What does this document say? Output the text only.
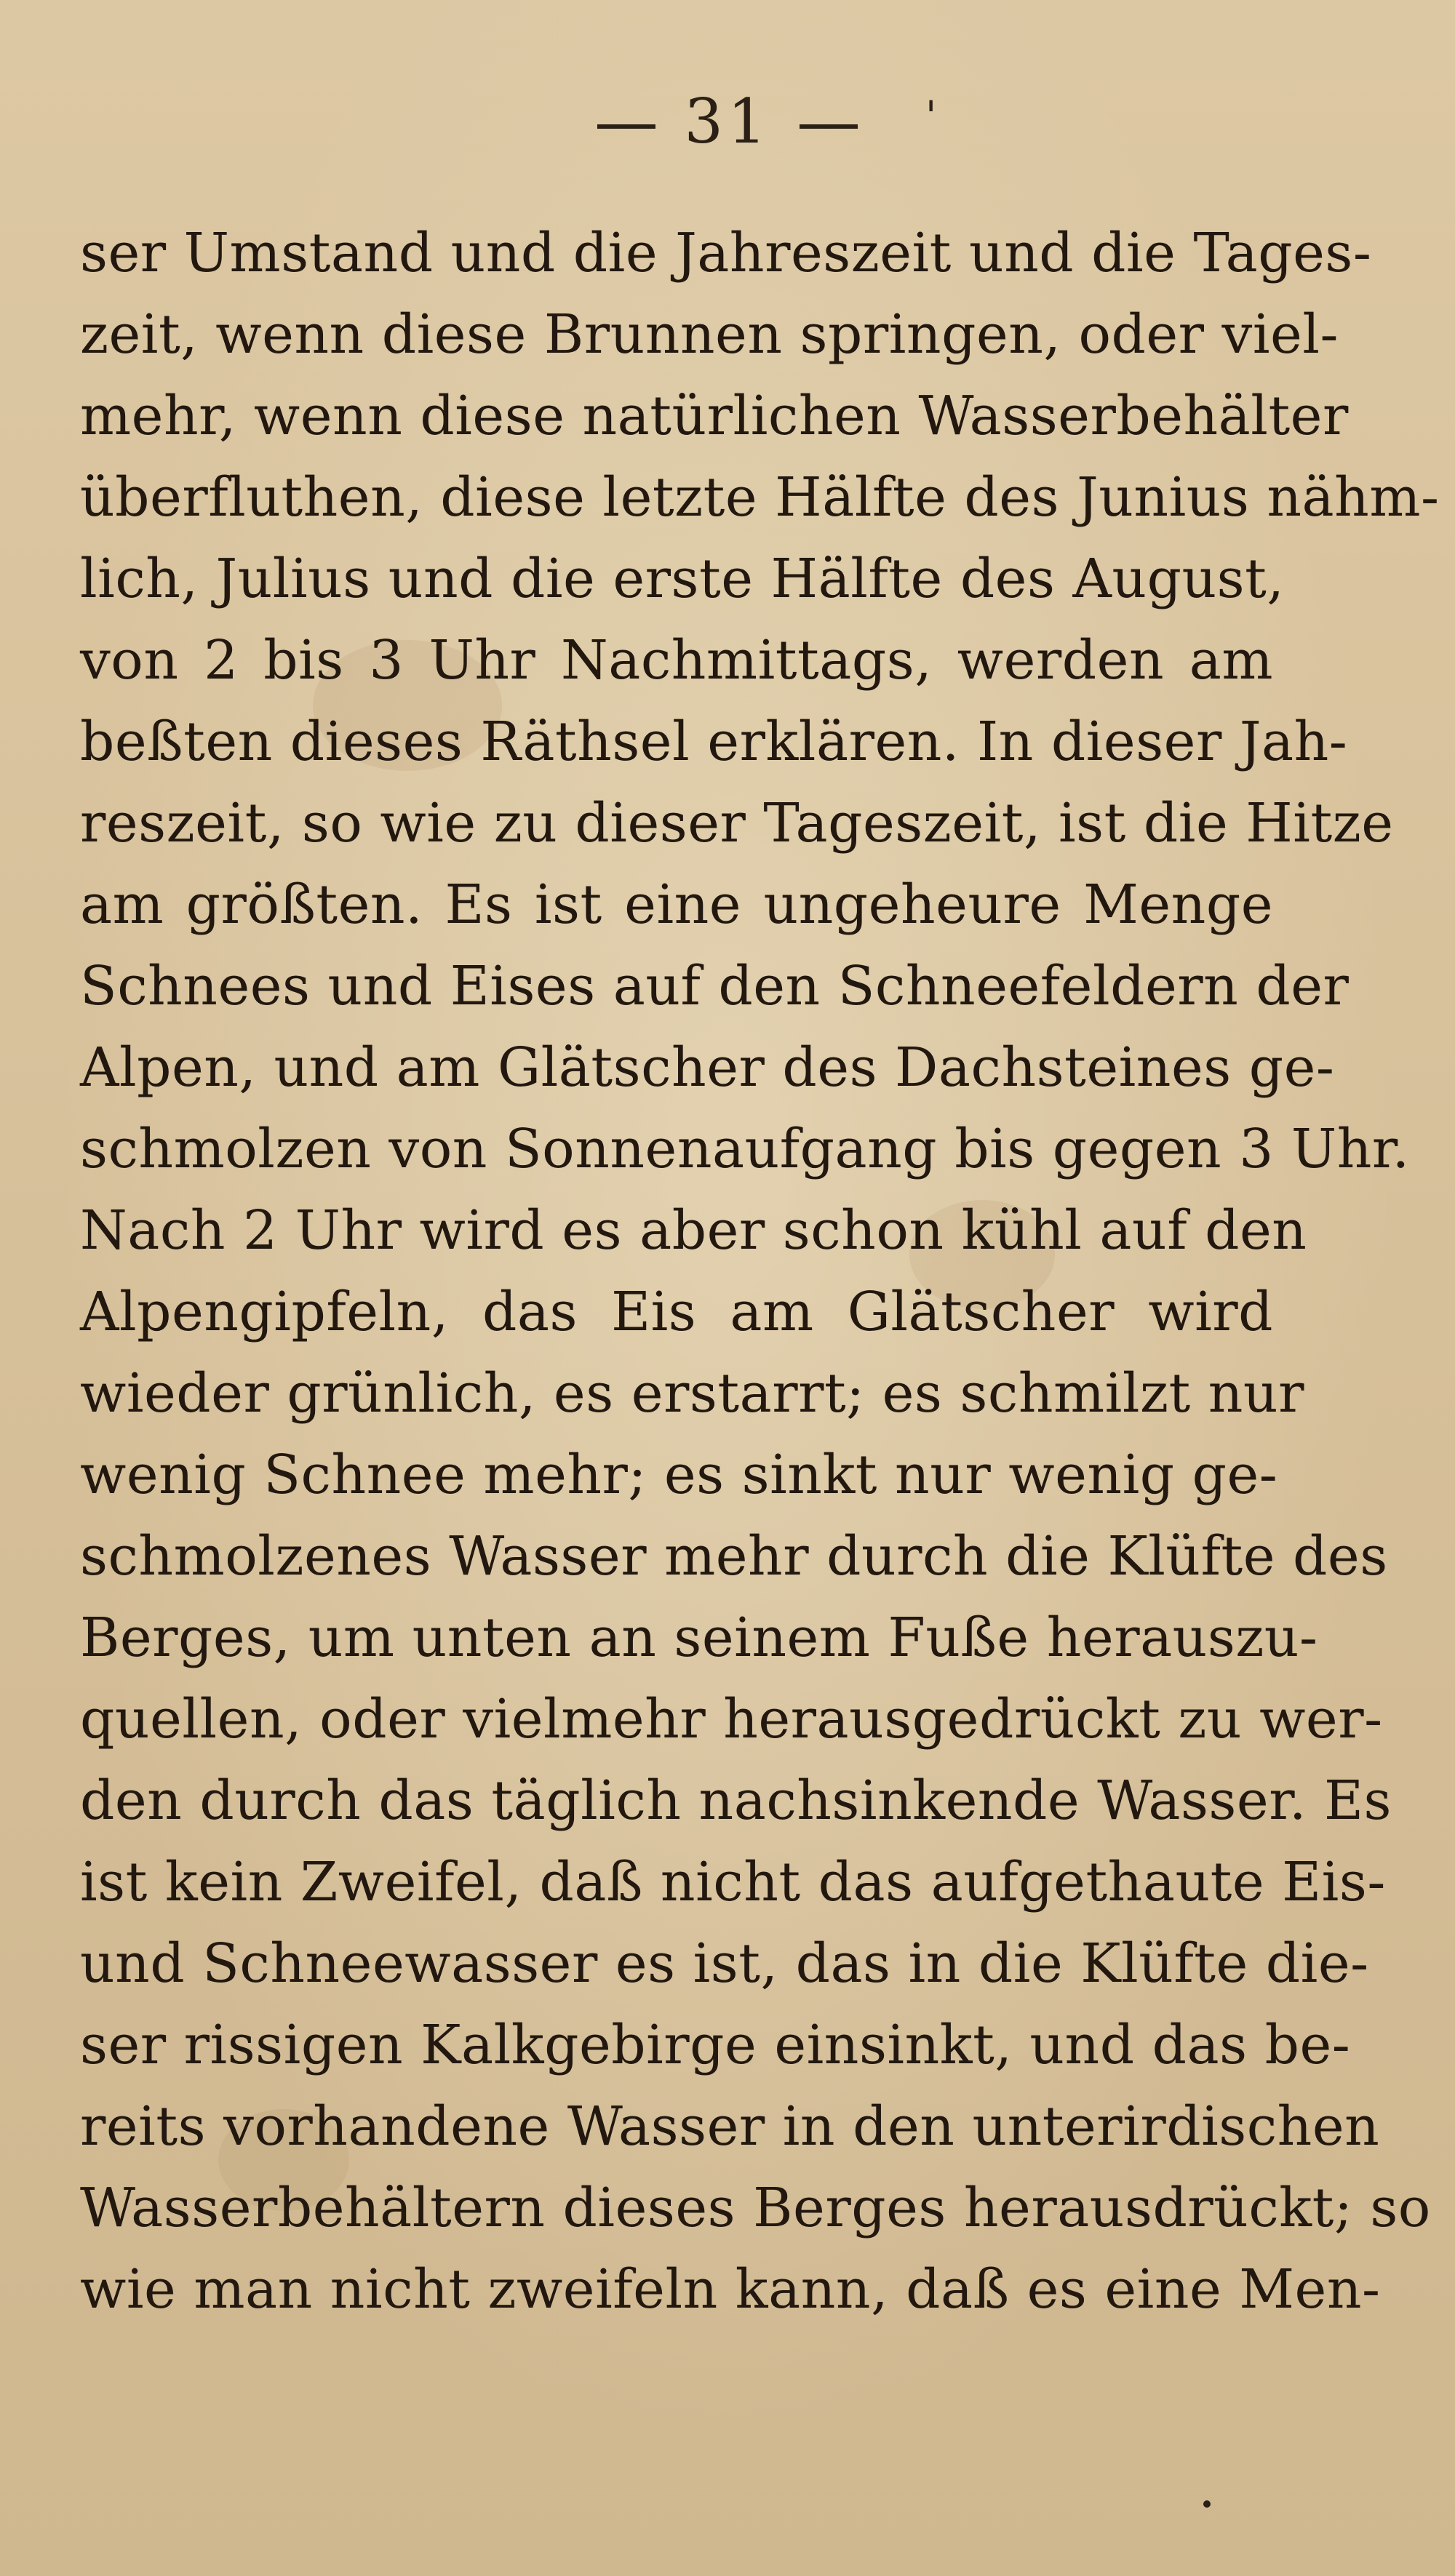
31	'
ser Umstand und die Jahreszeit und die Tages-
zeit, wenn diese Brunnen springen, oder viel-
mehr, wenn diese natürlichen Wasserbehälter
überfluthen, diese letzte Hälfte des Junius nähm-
lich, Julius und die erste Hälfte des August,
von 2 bis 3 Uhr Nachmittags, werden am
beßten dieses Räthsel erklären. In dieser Jah-
reszeit, so wie zu dieser Tageszeit, ist die Hitze
am größten. Es ist eine ungeheure Menge
Schnees und Eises auf den Schneefeldern der
Alpen, und am Glätscher des Dachsteines ge-
schmolzen von Sonnenaufgang bis gegen 3 Uhr.
Nach 2 Uhr wird es aber schon kühl auf den
Alpengipfeln, das Eis am Glätscher wird
wieder grünlich, es erstarrt; es schmilzt nur
wenig Schnee mehr; es sinkt nur wenig ge-
schmolzenes Wasser mehr durch die Klüfte des
Berges, um unten an seinem Fuße herauszu-
quellen, oder vielmehr herausgedrückt zu wer-
den durch das täglich nachsinkende Wasser. Es
ist kein Zweifel, daß nicht das aufgethaute Eis-
und Schneewasser es ist, das in die Klüfte die-
ser rissigen Kalkgebirge einsinkt, und das be-
reits vorhandene Wasser in den unterirdischen
Wasserbehältern dieses Berges herausdrückt; so
wie man nicht zweifeln kann, daß es eine Men-
